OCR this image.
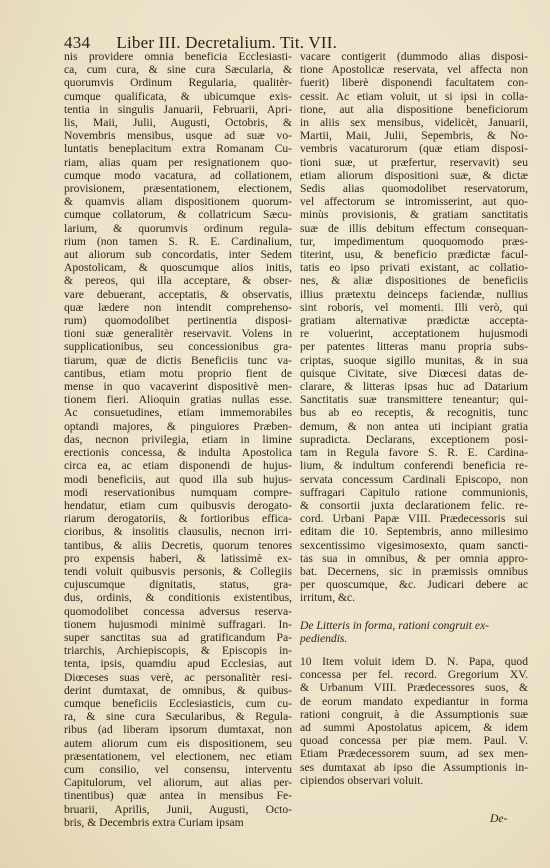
434 Liber III. Decretalium. Tit. VII.
nis providere omnia beneficia Ecclesiasti-
ca, cum cura, & sine cura Sæcularia, &
quorumvis Ordinum Regularia, qualitèr-
cumque qualificata, & ubicumque exis-
tentia in singulis Januarii, Februarii, Apri-
lis, Maii, Julii, Augusti, Octobris, &
Novembris mensibus, usque ad suæ vo-
luntatis beneplacitum extra Romanam Cu-
riam, alias quam per resignationem quo-
cumque modo vacatura, ad collationem,
provisionem, præsentationem, electionem,
& quamvis aliam dispositionem quorum-
cumque collatorum, & collatricum Sæcu-
larium, & quorumvis ordinum regula-
rium (non tamen S. R. E. Cardinalium,
aut aliorum sub concordatis, inter Sedem
Apostolicam, & quoscumque alios initis,
& pereos, qui illa acceptare, & obser-
vare debuerant, acceptatis, & observatis,
quæ lædere non intendit comprehenso-
rum) quomodolibet pertinentia disposi-
tioni suæ generalitèr reservavit. Volens in
supplicationibus, seu concessionibus gra-
tiarum, quæ de dictis Beneficiis tunc va-
cantibus, etiam motu proprio fient de
mense in quo vacaverint dispositivè men-
tionem fieri. Alioquin gratias nullas esse.
Ac consuetudines, etiam immemorabiles
optandi majores, & pinguiores Præben-
das, necnon privilegia, etiam in limine
erectionis concessa, & indulta Apostolica
circa ea, ac etiam disponendi de hujus-
modi beneficiis, aut quod illa sub hujus-
modi reservationibus numquam compre-
hendatur, etiam cum quibusvis derogato-
riarum derogatoriis, & fortioribus effica-
cioribus, & insolitis clausulis, necnon irri-
tantibus, & aliis Decretis, quorum tenores
pro expensis haberi, & latissimè ex-
tendi voluit quibusvis personis, & Collegiis
cujuscumque dignitatis, status, gra-
dus, ordinis, & conditionis existentibus,
quomodolibet concessa adversus reserva-
tionem hujusmodi minimè suffragari. In-
super sanctitas sua ad gratificandum Pa-
triarchis, Archiepiscopis, & Episcopis in-
tenta, ipsis, quamdiu apud Ecclesias, aut
Diœceses suas verè, ac personalitèr resi-
derint dumtaxat, de omnibus, & quibus-
cumque beneficiis Ecclesiasticis, cum cu-
ra, & sine cura Sæcularibus, & Regula-
ribus (ad liberam ipsorum dumtaxat, non
autem aliorum cum eis dispositionem, seu
præsentationem, vel electionem, nec etiam
cum consilio, vel consensu, interventu
Capitulorum, vel aliorum, aut alias per-
tinentibus) quæ antea in mensibus Fe-
bruarii, Aprilis, Junii, Augusti, Octo-
bris, & Decembris extra Curiam ipsam
vacare contigerit (dummodo alias disposi-
tione Apostolicæ reservata, vel affecta non
fuerit) liberè disponendi facultatem con-
cessit. Ac etiam voluit, ut si ipsi in colla-
tione, aut alia dispositione beneficiorum
in aliis sex mensibus, videlicèt, Januarii,
Martii, Maii, Julii, Sepembris, & No-
vembris vacaturorum (quæ etiam disposi-
tioni suæ, ut præfertur, reservavit) seu
etiam aliorum dispositioni suæ, & dictæ
Sedis alias quomodolibet reservatorum,
vel affectorum se intromisserint, aut quo-
minùs provisionis, & gratiam sanctitatis
suæ de illis debitum effectum consequan-
tur, impedimentum quoquomodo præs-
titerint, usu, & beneficio prædictæ facul-
tatis eo ipso privati existant, ac collatio-
nes, & aliæ dispositiones de beneficiis
illius prætextu deinceps faciendæ, nullius
sint roboris, vel momenti. Illi verò, qui
gratiam alternativæ prædictæ accepta-
re voluerint, acceptationem hujusmodi
per patentes litteras manu propria subs-
criptas, suoque sigillo munitas, & in sua
quisque Civitate, sive Diœcesi datas de-
clarare, & litteras ipsas huc ad Datarium
Sanctitatis suæ transmittere teneantur; qui-
bus ab eo receptis, & recognitis, tunc
demum, & non antea uti incipiant gratia
supradicta. Declarans, exceptionem posi-
tam in Regula favore S. R. E. Cardina-
lium, & indultum conferendi beneficia re-
servata concessum Cardinali Episcopo, non
suffragari Capitulo ratione communionis,
& consortii juxta declarationem felic. re-
cord. Urbani Papæ VIII. Prædecessoris sui
editam die 10. Septembris, anno millesimo
sexcentissimo vigesimosexto, quam sancti-
tas sua in omnibus, & per omnia appro-
bat. Decernens, sic in præmissis omnibus
per quoscumque, &c. Judicari debere ac
irritum, &c.
De Litteris in forma, rationi congruit ex-
pediendis.
10 Item voluit idem D. N. Papa, quod
concessa per fel. record. Gregorium XV.
& Urbanum VIII. Prædecessores suos, &
de eorum mandato expediantur in forma
rationi congruit, à die Assumptionis suæ
ad summi Apostolatus apicem, & idem
quoad concessa per piæ mem. Paul. V.
Etiam Prædecessorem suum, ad sex men-
ses dumtaxat ab ipso die Assumptionis in-
cipiendos observari voluit.
De-
